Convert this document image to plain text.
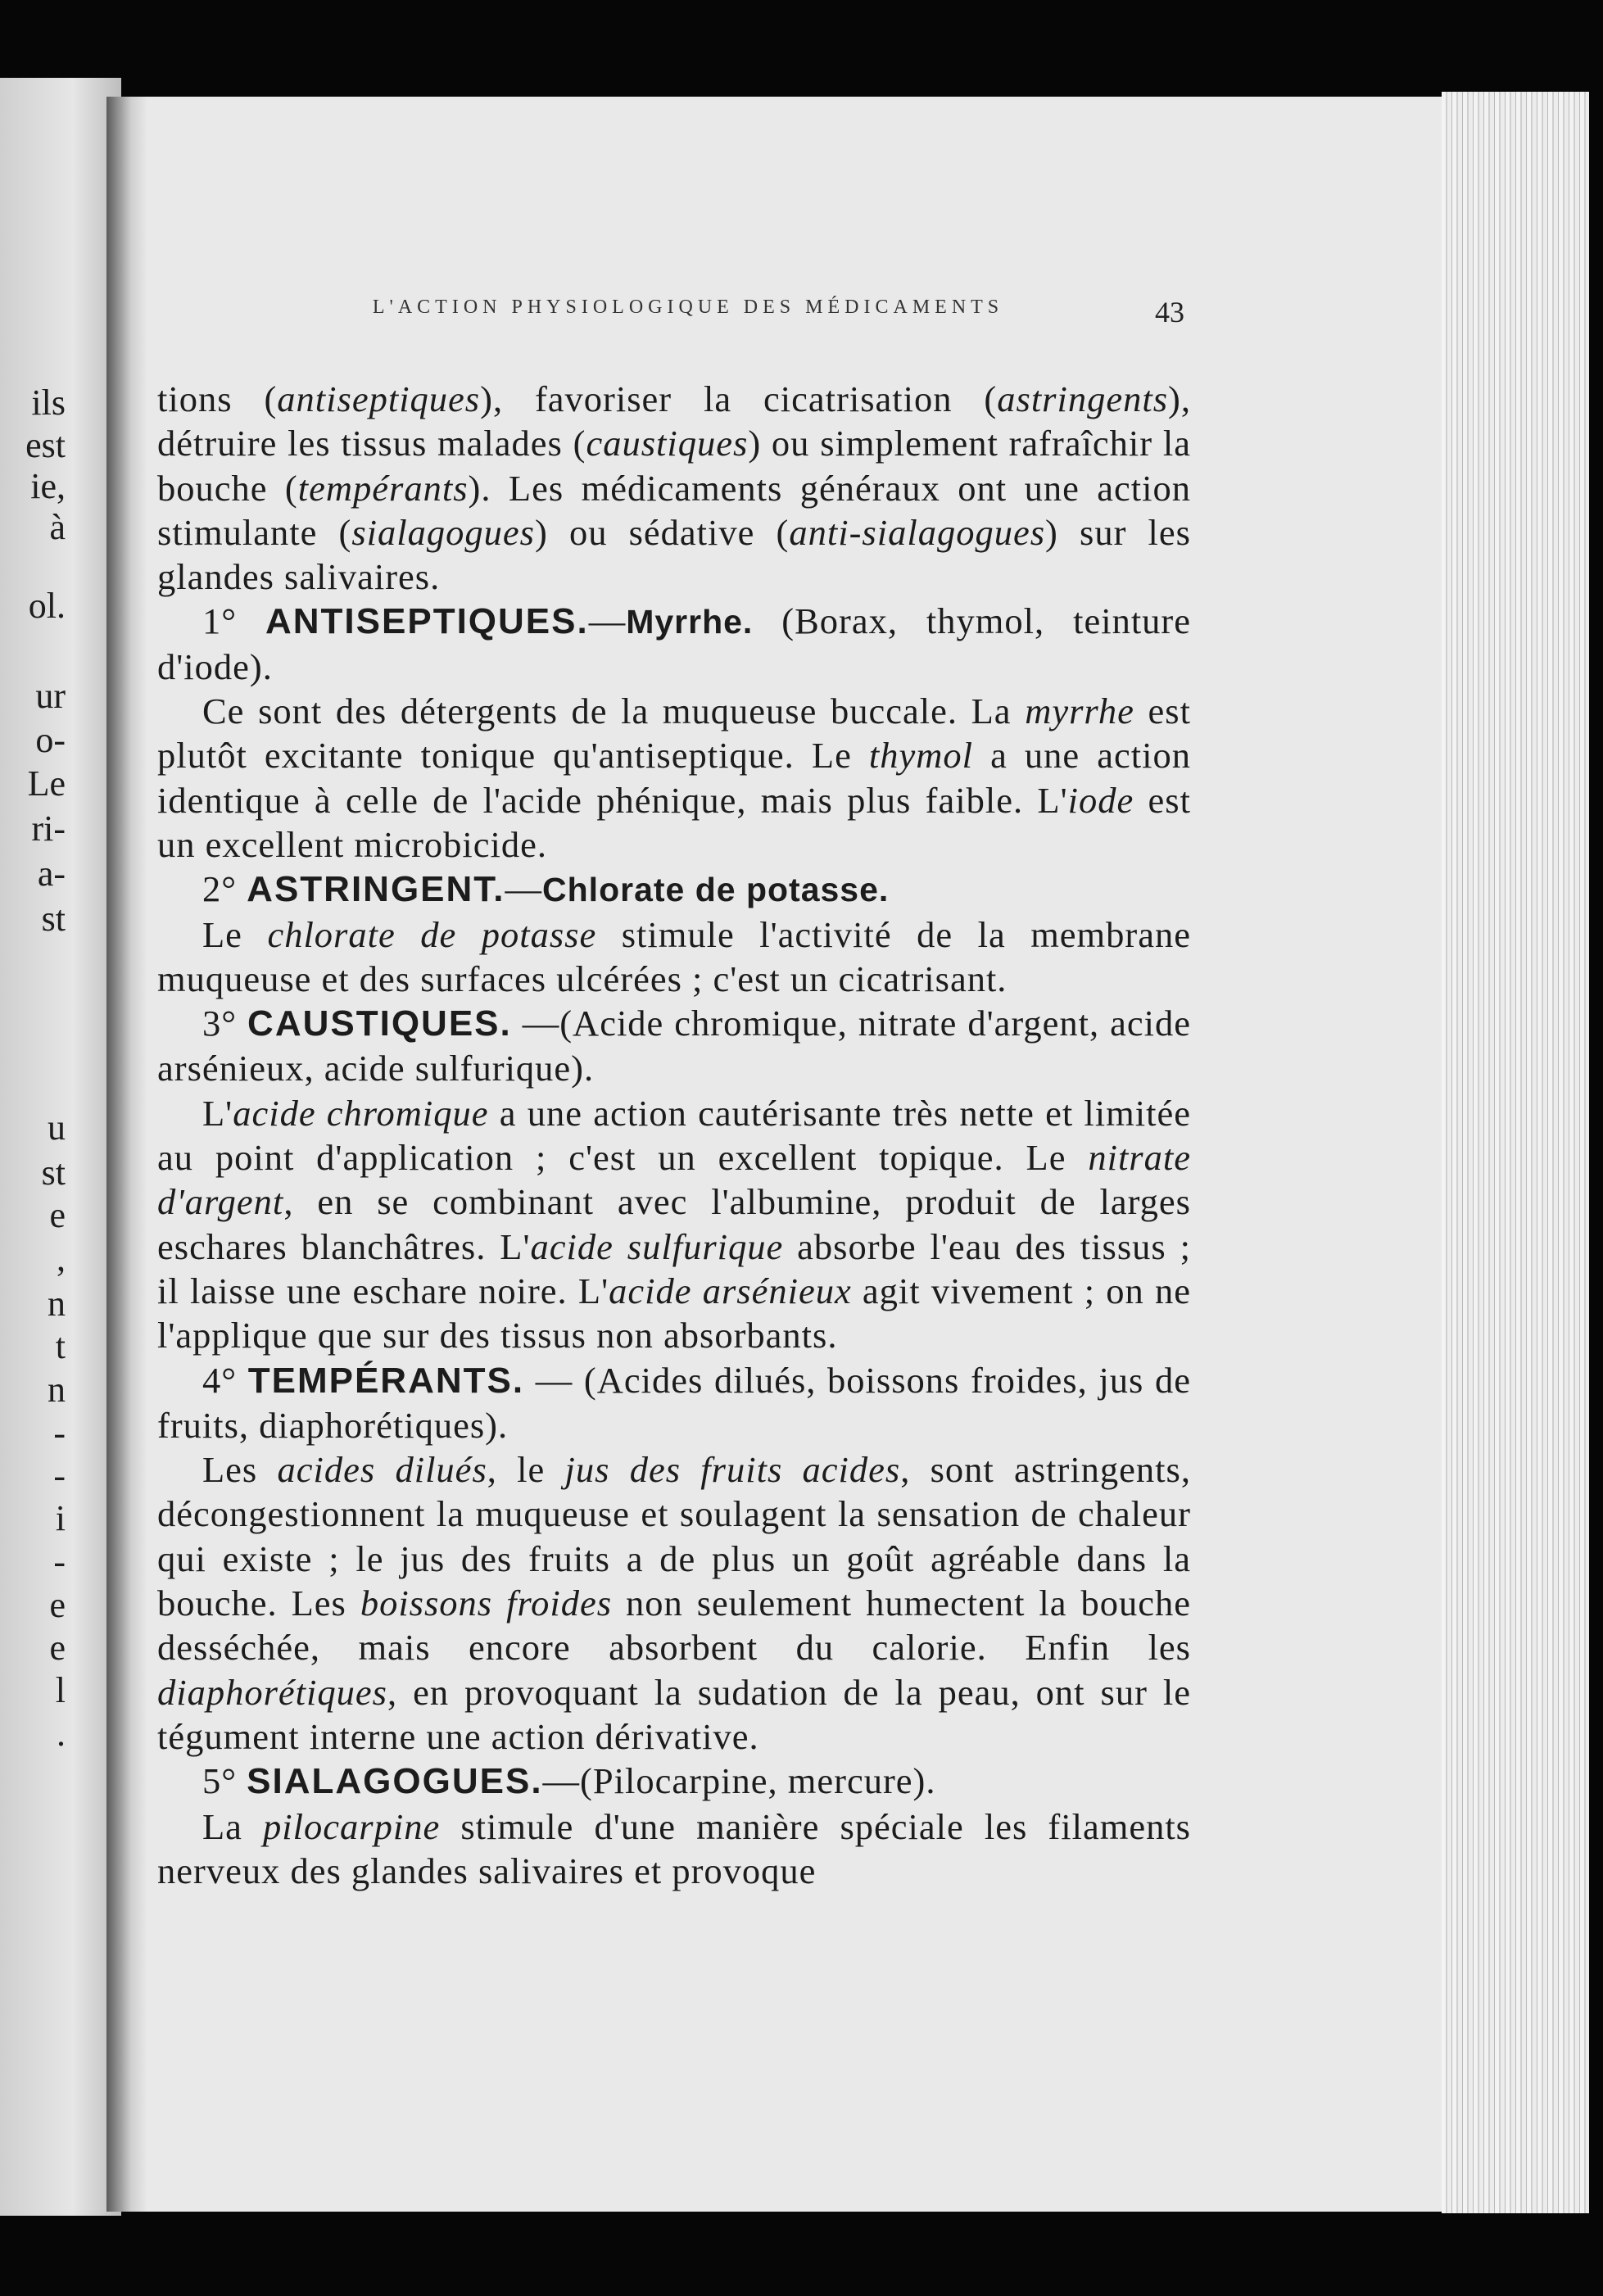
ils
est
ie,
à
ol.
ur
o-
Le
ri-
a-
st
u
st
e
,
n
t
n
-
-
i
-
e
e
l
.
L'ACTION PHYSIOLOGIQUE DES MÉDICAMENTS	43

tions (antiseptiques), favoriser la cicatrisation (astringents), détruire les tissus malades (caustiques) ou simplement rafraîchir la bouche (tempérants). Les médicaments généraux ont une action stimulante (sialagogues) ou sédative (anti-sialagogues) sur les glandes salivaires.

1° ANTISEPTIQUES.—Myrrhe. (Borax, thymol, teinture d'iode).

Ce sont des détergents de la muqueuse buccale. La myrrhe est plutôt excitante tonique qu'antiseptique. Le thymol a une action identique à celle de l'acide phénique, mais plus faible. L'iode est un excellent microbicide.

2° ASTRINGENT.—Chlorate de potasse.

Le chlorate de potasse stimule l'activité de la membrane muqueuse et des surfaces ulcérées ; c'est un cicatrisant.

3° CAUSTIQUES. —(Acide chromique, nitrate d'argent, acide arsénieux, acide sulfurique).

L'acide chromique a une action cautérisante très nette et limitée au point d'application ; c'est un excellent topique. Le nitrate d'argent, en se combinant avec l'albumine, produit de larges eschares blanchâtres. L'acide sulfurique absorbe l'eau des tissus ; il laisse une eschare noire. L'acide arsénieux agit vivement ; on ne l'applique que sur des tissus non absorbants.

4° TEMPÉRANTS. — (Acides dilués, boissons froides, jus de fruits, diaphorétiques).

Les acides dilués, le jus des fruits acides, sont astringents, décongestionnent la muqueuse et soulagent la sensation de chaleur qui existe ; le jus des fruits a de plus un goût agréable dans la bouche. Les boissons froides non seulement humectent la bouche desséchée, mais encore absorbent du calorie. Enfin les diaphorétiques, en provoquant la sudation de la peau, ont sur le tégument interne une action dérivative.

5° SIALAGOGUES.—(Pilocarpine, mercure).

La pilocarpine stimule d'une manière spéciale les filaments nerveux des glandes salivaires et provoque
